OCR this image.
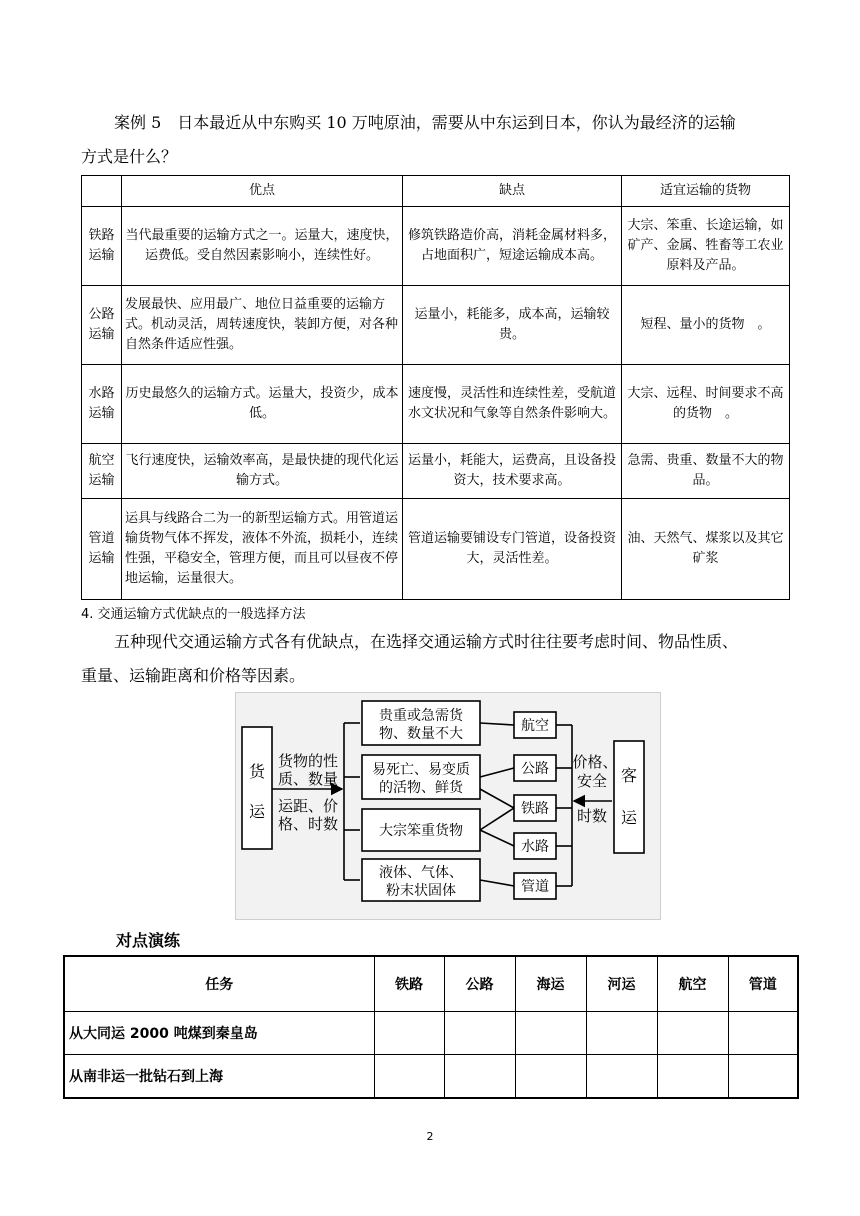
案例 5　日本最近从中东购买 10 万吨原油，需要从中东运到日本，你认为最经济的运输
方式是什么？
	优点	缺点	适宜运输的货物
铁路运输	当代最重要的运输方式之一。运量大，速度快，运费低。受自然因素影响小，连续性好。	修筑铁路造价高，消耗金属材料多，占地面积广，短途运输成本高。	大宗、笨重、长途运输，如矿产、金属、牲畜等工农业原料及产品。
公路运输	发展最快、应用最广、地位日益重要的运输方式。机动灵活，周转速度快，装卸方便，对各种自然条件适应性强。	运量小，耗能多，成本高，运输较贵。	短程、量小的货物　。
水路运输	历史最悠久的运输方式。运量大，投资少，成本低。	速度慢，灵活性和连续性差，受航道水文状况和气象等自然条件影响大。	大宗、远程、时间要求不高的货物　。
航空运输	飞行速度快，运输效率高，是最快捷的现代化运输方式。	运量小，耗能大，运费高，且设备投资大，技术要求高。	急需、贵重、数量不大的物品。
管道运输	运具与线路合二为一的新型运输方式。用管道运输货物气体不挥发，液体不外流，损耗小，连续性强，平稳安全，管理方便，而且可以昼夜不停地运输，运量很大。	管道运输要铺设专门管道，设备投资大，灵活性差。	油、天然气、煤浆以及其它矿浆
4. 交通运输方式优缺点的一般选择方法
五种现代交通运输方式各有优缺点，在选择交通运输方式时往往要考虑时间、物品性质、
重量、运输距离和价格等因素。
货
运
货物的性
质、数量
运距、价
格、时数
贵重或急需货
物、数量不大
易死亡、易变质
的活物、鲜货
大宗笨重货物
液体、气体、
粉末状固体
航空
公路
铁路
水路
管道
价格、
安全
时数
客
运
对点演练
任务	铁路	公路	海运	河运	航空	管道
从大同运 2000 吨煤到秦皇岛						
从南非运一批钻石到上海						
2
